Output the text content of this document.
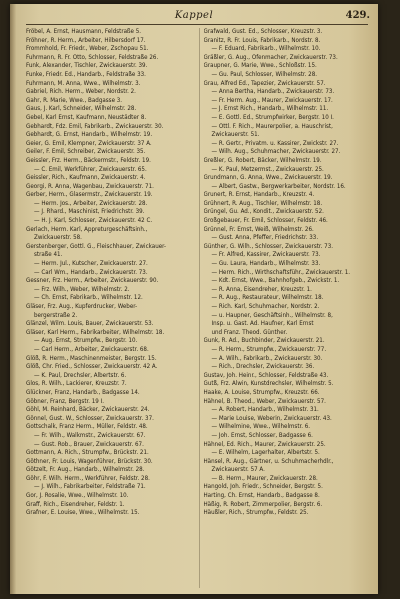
Kappel	429.
Fröbel, A. Ernst, Hausmann, Feldstraße 5.
Fröhner, R. Herm., Arbeiter, Hilbersdorf 17.
Frommhold, Fr. Friedr., Weber, Zschopau 51.
Fuhrmann, R. Fr. Otto, Schlosser, Feldstraße 26.
Funk, Alexander, Tischler, Zwickauerstr. 39.
Funke, Friedr. Ed., Handarb., Feldstraße 33.
Fuhrmann, M. Anna, Wwe., Wilhelmstr. 3.
Gabriel, Rich. Herm., Weber, Nordstr. 2.
Gahr, R. Marie, Wwe., Badgasse 3.
Gaus, J. Karl, Schneider, Wilhelmstr. 28.
Gebel, Karl Ernst, Kaufmann, Neustädter 8.
Gebhardt, Fdz. Emil, Fabrikarb., Zwickauerstr. 30.
Gebhardt, G. Ernst, Handarb., Wilhelmstr. 19.
Geier, G. Emil, Klempner, Zwickauerstr. 37 A.
Geiler, F. Emil, Schreiber, Zwickauerstr. 35.
Geissler, Frz. Herm., Bäckermstr., Feldstr. 19.
— C. Emil, Werkführer, Zwickauerstr. 65.
Geissler, Rich., Kaufmann, Zwickauerstr. 4.
Georgi, R. Anna, Wagenbau, Zwickauerstr. 71.
Gerber, Herm., Glasermstr., Zwickauerstr. 19.
— Herm. Jos., Arbeiter, Zwickauerstr. 28.
— J. Rhard., Maschinist, Friedrichstr. 39.
— H. J. Karl, Schlosser, Zwickauerstr. 42 C.
Gerlach, Herm. Karl, Appreturgeschäftsinh.,
Zwickauerstr. 58.
Gerstenberger, Gottl. G., Fleischhauer, Zwickauer-
straße 41.
— Herm. Jul., Kutscher, Zwickauerstr. 27.
— Carl Wm., Handarb., Zwickauerstr. 73.
Gessner, Frz. Herm., Arbeiter, Zwickauerstr. 90.
— Frz. Wilh., Weber, Wilhelmstr. 2.
— Ch. Ernst, Fabrikarb., Wilhelmstr. 12.
Gläser, Frz. Aug., Kupferdrucker, Weber-
bergerstraße 2.
Glänzel, Wilm. Louis, Bauer, Zwickauerstr. 53.
Gläser, Karl Herm., Fabrikarbeiter, Wilhelmstr. 18.
— Aug. Ernst, Strumpfw., Bergstr. 10.
— Carl Herm., Arbeiter, Zwickauerstr. 68.
Glöß, R. Herm., Maschinenmeister, Bergstr. 15.
Glöß, Chr. Fried., Schlosser, Zwickauerstr. 42 A.
— K. Paul, Drechsler, Albertstr. 6.
Glos, R. Wilh., Lackierer, Kreuzstr. 7.
Glückner, Franz, Handarb., Badgasse 14.
Göbner, Franz, Bergstr. 19 I.
Göhl, M. Reinhard, Bäcker, Zwickauerstr. 24.
Gönnel, Gust. W., Schlosser, Zwickauerstr. 37.
Gottschalk, Franz Herm., Müller, Feldstr. 48.
— Fr. Wilh., Walkmstr., Zwickauerstr. 67.
— Gust. Rob., Brauer, Zwickauerstr. 67.
Gottmann, A. Rich., Strumpfw., Brückstr. 21.
Göthner, Fr. Louis, Wagenführer, Brückstr. 30.
Götzelt, Fr. Aug., Handarb., Wilhelmstr. 28.
Göhr, F. Wilh. Herm., Werkführer, Feldstr. 28.
— J. Wilh., Fabrikarbeiter, Feldstraße 71.
Gor, J. Rosalie, Wwe., Wilhelmstr. 10.
Graff, Rich., Eisendreher, Feldstr. 1.
Grafner, E. Louise, Wwe., Wilhelmstr. 15.
Grafwald, Gust. Ed., Schlosser, Kreuzstr. 3.
Granitz, R. Fr. Louis, Fabrikarb., Nordstr. 8.
— F. Eduard, Fabrikarb., Wilhelmstr. 10.
Gräßler, G. Aug., Ofenmacher, Zwickauerstr. 73.
Graupner, G. Marie, Wwe., Schloßstr. 15.
— Gu. Paul, Schlosser, Wilhelmstr. 28.
Grau, Alfred Ed., Tapezier, Zwickauerstr. 57.
— Anna Bertha, Handarb., Zwickauerstr. 73.
— Fr. Herm. Aug., Maurer, Zwickauerstr. 17.
— J. Ernst Rich., Handarb., Wilhelmstr. 11.
— E. Gottl. Ed., Strumpfwirker, Bergstr. 10 I.
— Ottl. F. Rich., Maurerpolier, a. Hauschrist,
Zwickauerstr. 51.
— R. Gertr., Privatm. u. Kassirer, Zwickstr. 27.
— Wilh. Aug., Schuhmacher, Zwickauerstr. 27.
Greßler, G. Robert, Bäcker, Wilhelmstr. 19.
— K. Paul, Metzermst., Zwickauerstr. 25.
Grundmann, G. Anna, Wwe., Zwickauerstr. 19.
— Albert, Gastw., Bergwerkarbeiter, Nordstr. 16.
Grunert, R. Ernst, Handarb., Kreuzstr. 4.
Grühnert, R. Aug., Tischler, Wilhelmstr. 18.
Grüngel, Gu. Ad., Kondit., Zwickauerstr. 52.
Großgebauer, Fr. Emil, Schlosser, Feldstr. 46.
Grünnel, Fr. Ernst, Weiß, Wilhelmstr. 26.
— Gust. Anna, Pfeffer, Friedrichstr. 33.
Günther, G. Wilh., Schlosser, Zwickauerstr. 73.
— Fr. Alfred, Kassirer, Zwickauerstr. 73.
— Gu. Laura, Handarb., Wilhelmstr. 33.
— Herm. Rich., Wirthschaftsführ., Zwickauerstr. 1.
— Kdt. Ernst, Wwe., Bahnhofgeb., Zwickstr. 1.
— R. Anna, Eisendreher, Kreuzstr. 1.
— R. Aug., Restaurateur, Wilhelmstr. 18.
— Rich. Karl, Schuhmacher, Nordstr. 2.
— u. Haupner, Geschäftsinh., Wilhelmstr. 8,
Insp. u. Gast. Ad. Haufner, Karl Ernst
und Franz. Theod. Günther.
Gunk, R. Ad., Buchbinder, Zwickauerstr. 21.
— R. Herm., Strumpfw., Zwickauerstr. 77.
— A. Wilh., Fabrikarb., Zwickauerstr. 30.
— Rich., Drechsler, Zwickauerstr. 36.
Gustav, Joh. Heinr., Schlosser, Feldstraße 43.
Gutß, Frz. Alwin, Kunstdrechsler, Wilhelmstr. 5.
Haake, A. Louise, Strumpfw., Kreuzstr. 66.
Hähnel, B. Theod., Weber, Zwickauerstr. 57.
— A. Robert, Handarb., Wilhelmstr. 31.
— Marie Louise, Weberin, Zwickauerstr. 43.
— Wilhelmine, Wwe., Wilhelmstr. 6.
— Joh. Ernst, Schlosser, Badgasse 6.
Hähnel, Ed. Rich., Maurer, Zwickauerstr. 25.
— E. Wilhelm, Lagerhalter, Albertstr. 5.
Hänsel, R. Aug., Gärtner, u. Schuhmacherhdlr.,
Zwickauerstr. 57 A.
— B. Herm., Maurer, Zwickauerstr. 28.
Hangold, Joh. Friedr., Schneider, Bergstr. 5.
Harting, Ch. Ernst, Handarb., Badgasse 8.
Häßig, R. Robert, Zimmerpolier, Bergstr. 6.
Häußler, Rich., Strumpfw., Feldstr. 25.
